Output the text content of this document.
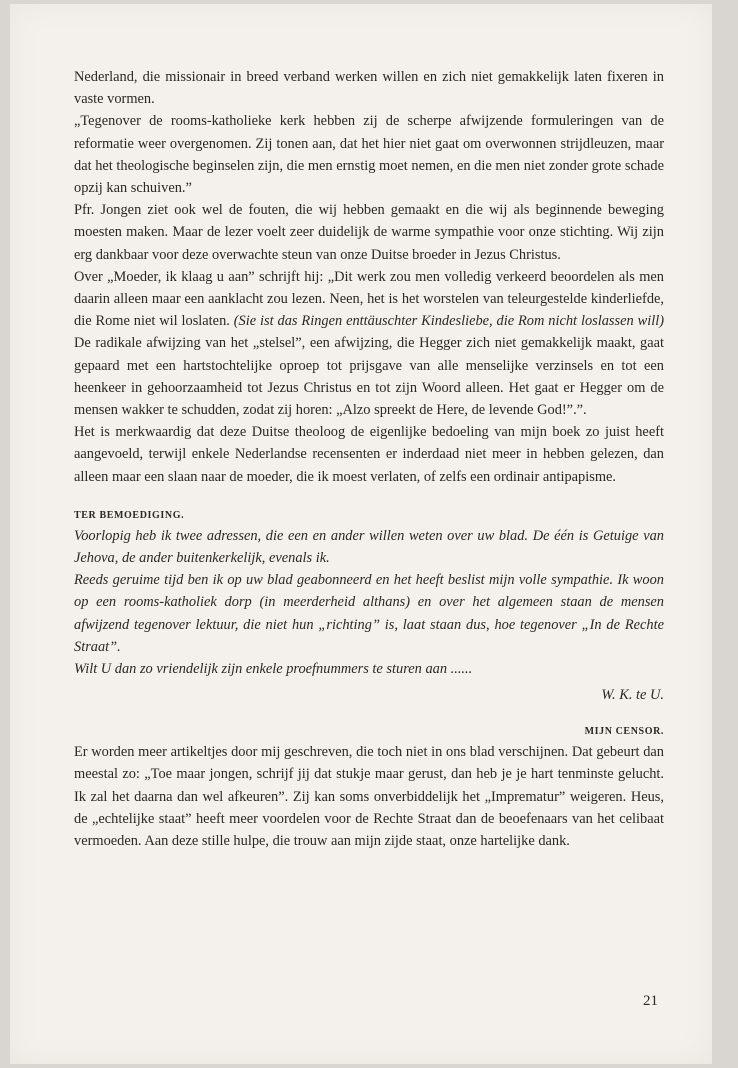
Nederland, die missionair in breed verband werken willen en zich niet gemakkelijk laten fixeren in vaste vormen.

„Tegenover de rooms-katholieke kerk hebben zij de scherpe afwijzende formuleringen van de reformatie weer overgenomen. Zij tonen aan, dat het hier niet gaat om overwonnen strijdleuzen, maar dat het theologische beginselen zijn, die men ernstig moet nemen, en die men niet zonder grote schade opzij kan schuiven.”

Pfr. Jongen ziet ook wel de fouten, die wij hebben gemaakt en die wij als beginnende beweging moesten maken. Maar de lezer voelt zeer duidelijk de warme sympathie voor onze stichting. Wij zijn erg dankbaar voor deze overwachte steun van onze Duitse broeder in Jezus Christus.

Over „Moeder, ik klaag u aan” schrijft hij: „Dit werk zou men volledig verkeerd beoordelen als men daarin alleen maar een aanklacht zou lezen. Neen, het is het worstelen van teleurgestelde kinderliefde, die Rome niet wil loslaten. (Sie ist das Ringen enttäuschter Kindesliebe, die Rom nicht loslassen will) De radikale afwijzing van het „stelsel”, een afwijzing, die Hegger zich niet gemakkelijk maakt, gaat gepaard met een hartstochtelijke oproep tot prijsgave van alle menselijke verzinsels en tot een heenkeer in gehoorzaamheid tot Jezus Christus en tot zijn Woord alleen. Het gaat er Hegger om de mensen wakker te schudden, zodat zij horen: „Alzo spreekt de Here, de levende God!”.”.

Het is merkwaardig dat deze Duitse theoloog de eigenlijke bedoeling van mijn boek zo juist heeft aangevoeld, terwijl enkele Nederlandse recensenten er inderdaad niet meer in hebben gelezen, dan alleen maar een slaan naar de moeder, die ik moest verlaten, of zelfs een ordinair antipapisme.

TER BEMOEDIGING.

Voorlopig heb ik twee adressen, die een en ander willen weten over uw blad. De één is Getuige van Jehova, de ander buitenkerkelijk, evenals ik.

Reeds geruime tijd ben ik op uw blad geabonneerd en het heeft beslist mijn volle sympathie. Ik woon op een rooms-katholiek dorp (in meerderheid althans) en over het algemeen staan de mensen afwijzend tegenover lektuur, die niet hun „richting” is, laat staan dus, hoe tegenover „In de Rechte Straat”.

Wilt U dan zo vriendelijk zijn enkele proefnummers te sturen aan ......

W. K. te U.
MIJN CENSOR.

Er worden meer artikeltjes door mij geschreven, die toch niet in ons blad verschijnen. Dat gebeurt dan meestal zo: „Toe maar jongen, schrijf jij dat stukje maar gerust, dan heb je je hart tenminste gelucht. Ik zal het daarna dan wel afkeuren”. Zij kan soms onverbiddelijk het „Imprematur” weigeren. Heus, de „echtelijke staat” heeft meer voordelen voor de Rechte Straat dan de beoefenaars van het celibaat vermoeden. Aan deze stille hulpe, die trouw aan mijn zijde staat, onze hartelijke dank.

21
